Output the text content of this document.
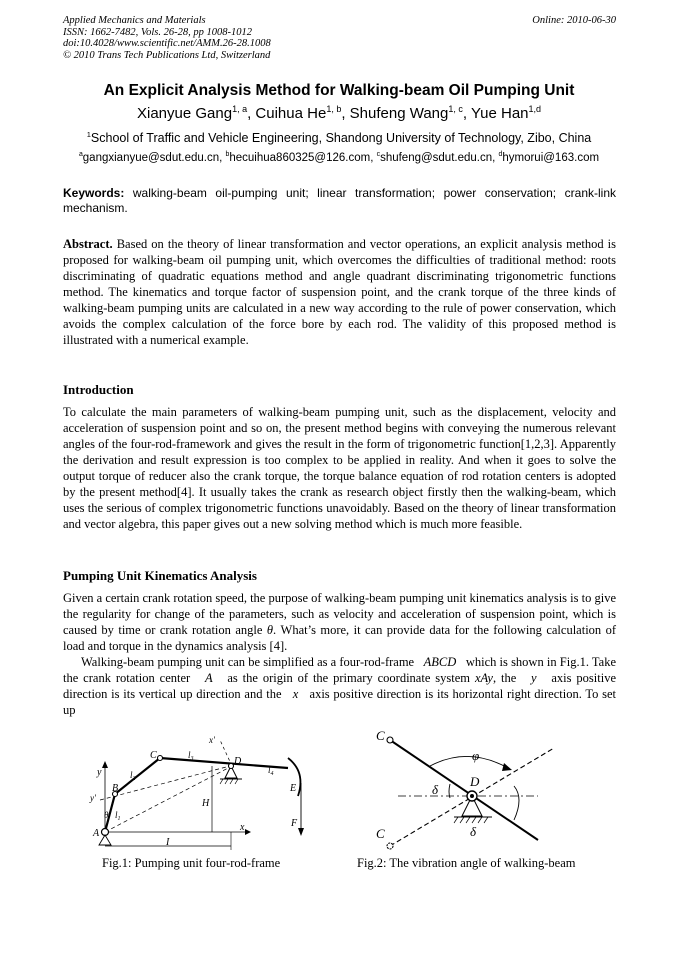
Applied Mechanics and Materials
ISSN: 1662-7482, Vols. 26-28, pp 1008-1012
doi:10.4028/www.scientific.net/AMM.26-28.1008
© 2010 Trans Tech Publications Ltd, Switzerland
Online: 2010-06-30
An Explicit Analysis Method for Walking-beam Oil Pumping Unit
Xianyue Gang$^{1, a}$, Cuihua He$^{1, b}$, Shufeng Wang$^{1, c}$, Yue Han$^{1,d}$
$^1$School of Traffic and Vehicle Engineering, Shandong University of Technology, Zibo, China
$^a$gangxianyue@sdut.edu.cn, $^b$hecuihua860325@126.com, $^c$shufeng@sdut.edu.cn, $^d$hymorui@163.com
Keywords: walking-beam oil-pumping unit; linear transformation; power conservation; crank-link mechanism.
Abstract. Based on the theory of linear transformation and vector operations, an explicit analysis method is proposed for walking-beam oil pumping unit, which overcomes the difficulties of traditional method: roots discriminating of quadratic equations method and angle quadrant discriminating trigonometric functions method. The kinematics and torque factor of suspension point, and the crank torque of the three kinds of walking-beam pumping units are calculated in a new way according to the rule of power conservation, which avoids the complex calculation of the force bore by each rod. The validity of this proposed method is illustrated with a numerical example.
Introduction
To calculate the main parameters of walking-beam pumping unit, such as the displacement, velocity and acceleration of suspension point and so on, the present method begins with conveying the numerous relevant angles of the four-rod-framework and gives the result in the form of trigonometric function[1,2,3]. Apparently the derivation and result expression is too complex to be applied in reality. And when it goes to solve the output torque of reducer also the crank torque, the torque balance equation of rod rotation centers is adopted by the present method[4]. It usually takes the crank as research object firstly then the walking-beam, which uses the serious of complex trigonometric functions unavoidably. Based on the theory of linear transformation and vector algebra, this paper gives out a new solving method which is much more feasible.
Pumping Unit Kinematics Analysis
Given a certain crank rotation speed, the purpose of walking-beam pumping unit kinematics analysis is to give the regularity for change of the parameters, such as velocity and acceleration of suspension point, which is caused by time or crank rotation angle θ. What’s more, it can provide data for the following calculation of load and torque in the dynamics analysis [4].
Walking-beam pumping unit can be simplified as a four-rod-frame ABCD which is shown in Fig.1. Take the crank rotation center A as the origin of the primary coordinate system xAy, the y axis positive direction is its vertical up direction and the x axis positive direction is its horizontal right direction. To set up
A
B
C
D
E
F
H
I
x
y
x'
y'
$l_1$
$l_2$
$l_3$
$l_4$
θ
Fig.1: Pumping unit four-rod-frame
C
C
D
φ
δ
δ
Fig.2: The vibration angle of walking-beam
